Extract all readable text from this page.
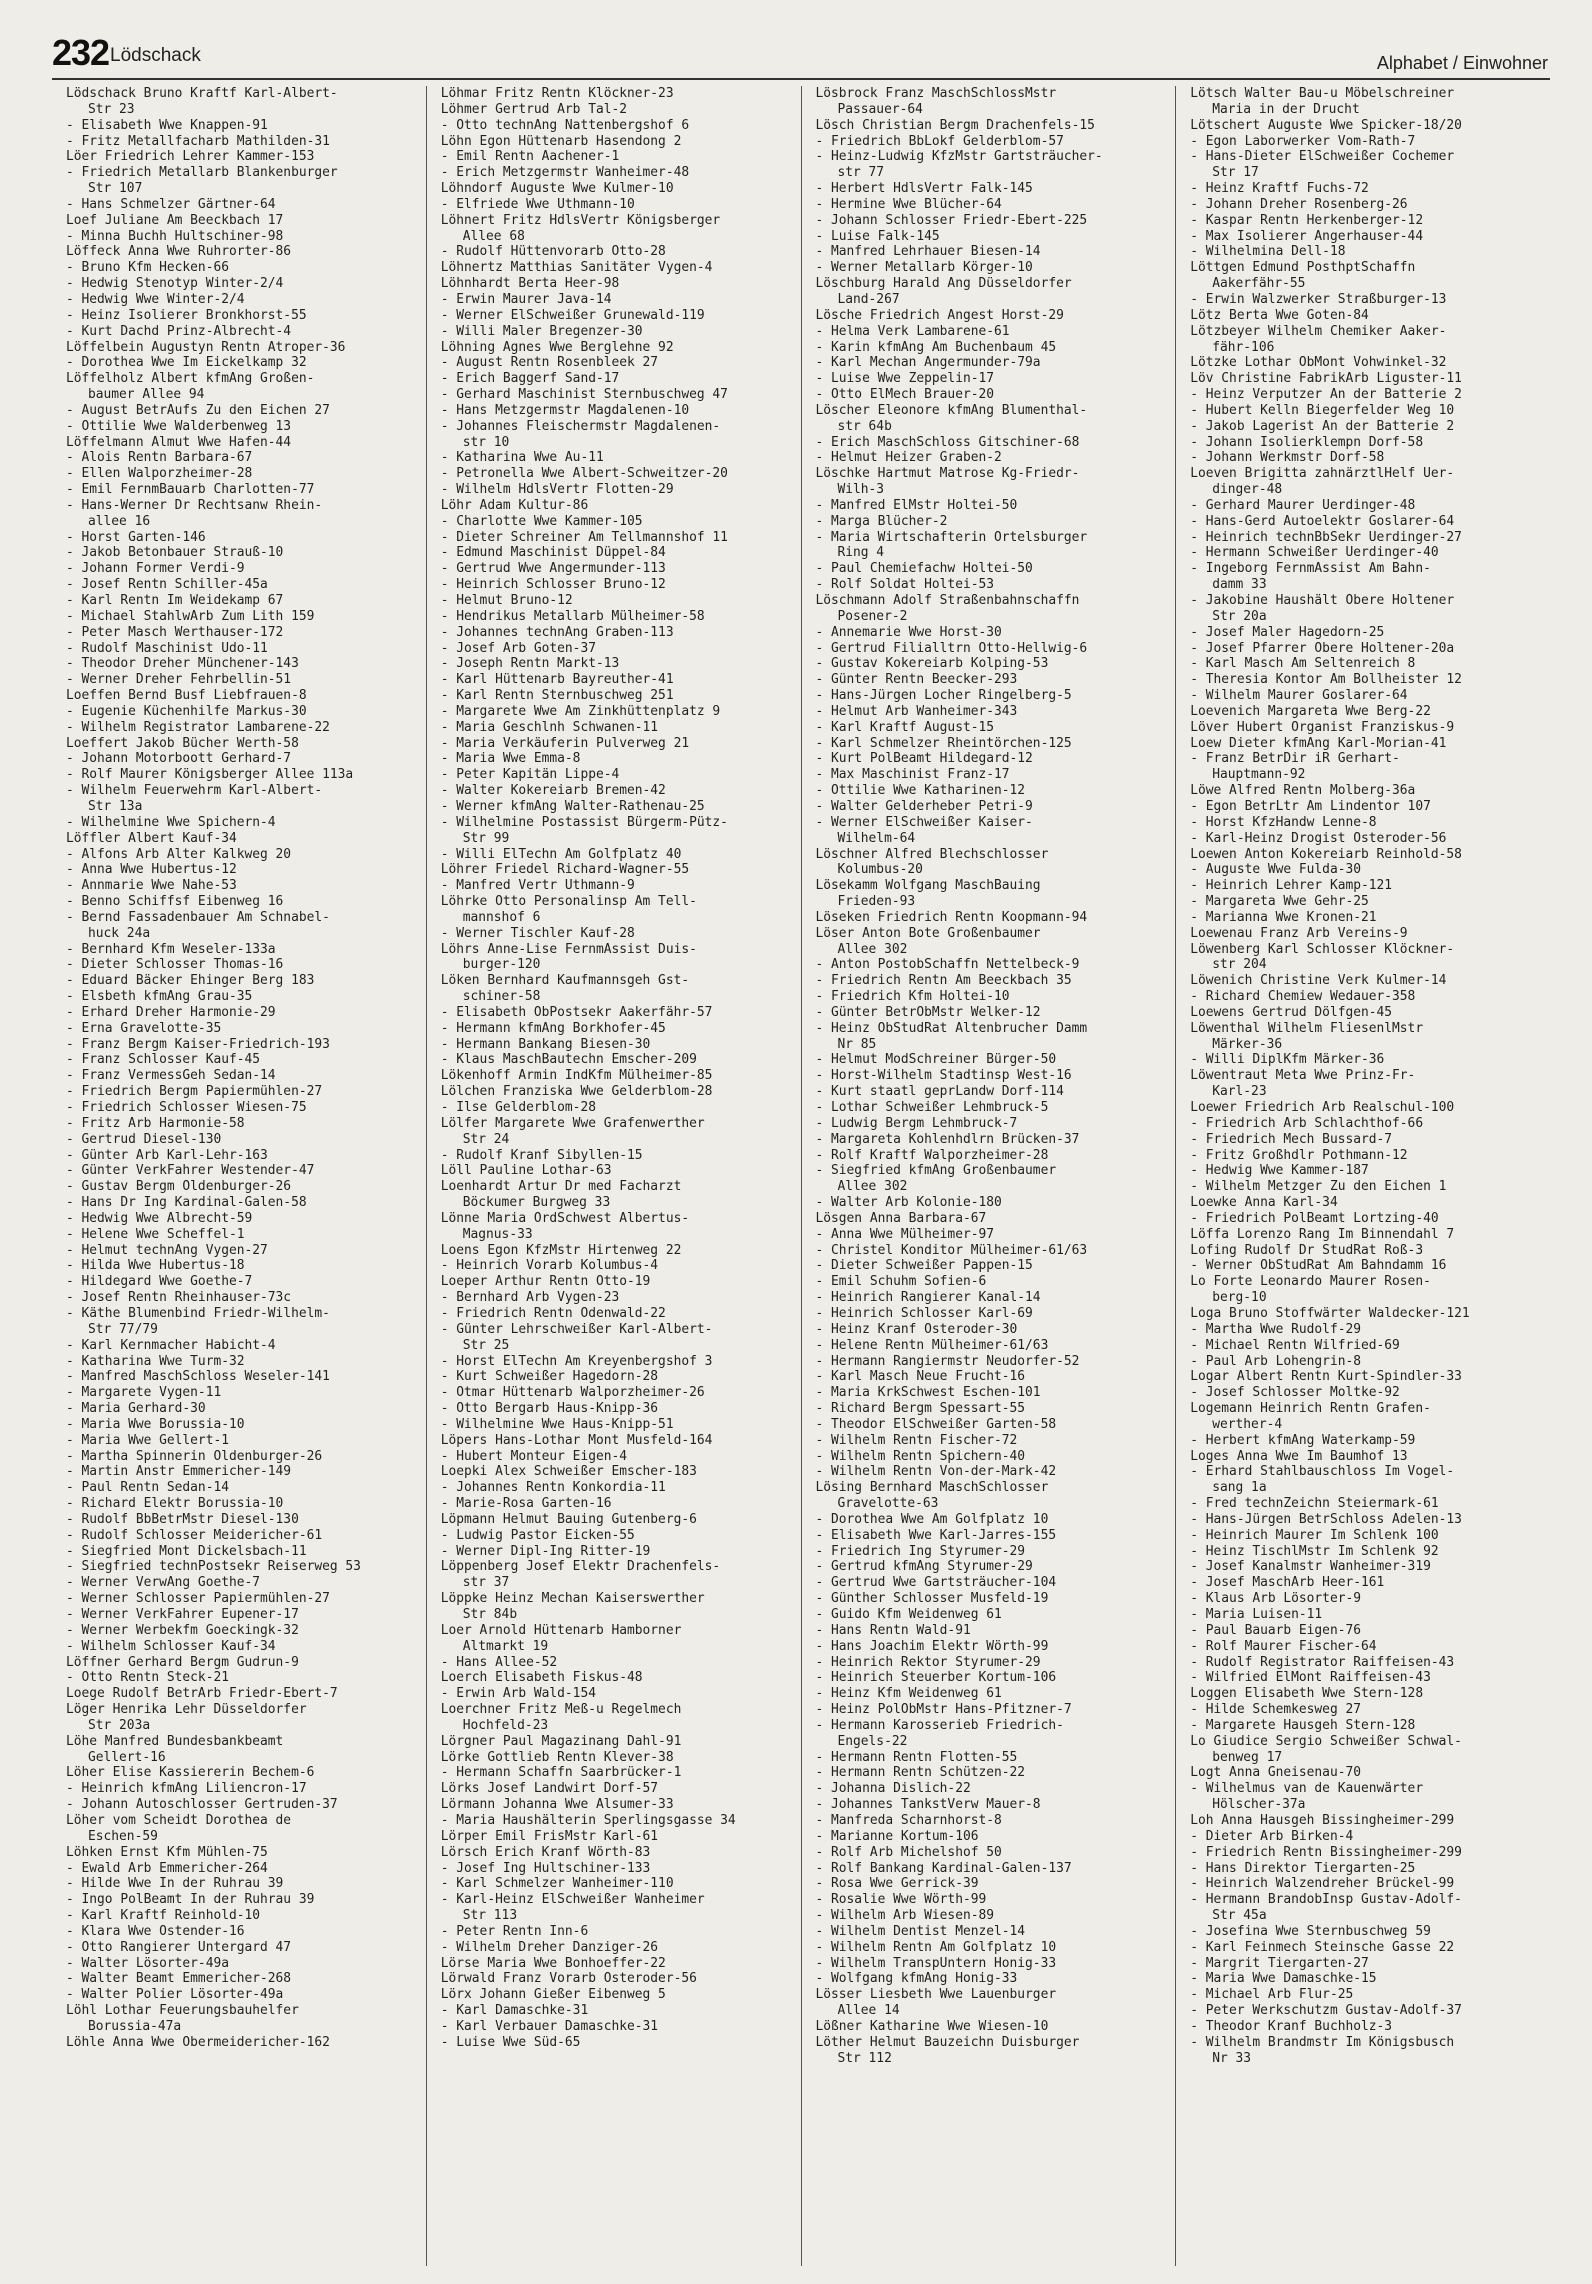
232 Lödschack	Alphabet / Einwohner
Lödschack Bruno Kraftf Karl-Albert-
Str 23
- Elisabeth Wwe Knappen-91
- Fritz Metallfacharb Mathilden-31
Löer Friedrich Lehrer Kammer-153
- Friedrich Metallarb Blankenburger
Str 107
- Hans Schmelzer Gärtner-64
Loef Juliane Am Beeckbach 17
- Minna Buchh Hultschiner-98
Löffeck Anna Wwe Ruhrorter-86
- Bruno Kfm Hecken-66
- Hedwig Stenotyp Winter-2/4
- Hedwig Wwe Winter-2/4
- Heinz Isolierer Bronkhorst-55
- Kurt Dachd Prinz-Albrecht-4
Löffelbein Augustyn Rentn Atroper-36
- Dorothea Wwe Im Eickelkamp 32
Löffelholz Albert kfmAng Großen-
baumer Allee 94
- August BetrAufs Zu den Eichen 27
- Ottilie Wwe Walderbenweg 13
Löffelmann Almut Wwe Hafen-44
- Alois Rentn Barbara-67
- Ellen Walporzheimer-28
- Emil FernmBauarb Charlotten-77
- Hans-Werner Dr Rechtsanw Rhein-
allee 16
- Horst Garten-146
- Jakob Betonbauer Strauß-10
- Johann Former Verdi-9
- Josef Rentn Schiller-45a
- Karl Rentn Im Weidekamp 67
- Michael StahlwArb Zum Lith 159
- Peter Masch Werthauser-172
- Rudolf Maschinist Udo-11
- Theodor Dreher Münchener-143
- Werner Dreher Fehrbellin-51
Loeffen Bernd Busf Liebfrauen-8
- Eugenie Küchenhilfe Markus-30
- Wilhelm Registrator Lambarene-22
Loeffert Jakob Bücher Werth-58
- Johann Motorboott Gerhard-7
- Rolf Maurer Königsberger Allee 113a
- Wilhelm Feuerwehrm Karl-Albert-
Str 13a
- Wilhelmine Wwe Spichern-4
Löffler Albert Kauf-34
- Alfons Arb Alter Kalkweg 20
- Anna Wwe Hubertus-12
- Annmarie Wwe Nahe-53
- Benno Schiffsf Eibenweg 16
- Bernd Fassadenbauer Am Schnabel-
huck 24a
- Bernhard Kfm Weseler-133a
- Dieter Schlosser Thomas-16
- Eduard Bäcker Ehinger Berg 183
- Elsbeth kfmAng Grau-35
- Erhard Dreher Harmonie-29
- Erna Gravelotte-35
- Franz Bergm Kaiser-Friedrich-193
- Franz Schlosser Kauf-45
- Franz VermessGeh Sedan-14
- Friedrich Bergm Papiermühlen-27
- Friedrich Schlosser Wiesen-75
- Fritz Arb Harmonie-58
- Gertrud Diesel-130
- Günter Arb Karl-Lehr-163
- Günter VerkFahrer Westender-47
- Gustav Bergm Oldenburger-26
- Hans Dr Ing Kardinal-Galen-58
- Hedwig Wwe Albrecht-59
- Helene Wwe Scheffel-1
- Helmut technAng Vygen-27
- Hilda Wwe Hubertus-18
- Hildegard Wwe Goethe-7
- Josef Rentn Rheinhauser-73c
- Käthe Blumenbind Friedr-Wilhelm-
Str 77/79
- Karl Kernmacher Habicht-4
- Katharina Wwe Turm-32
- Manfred MaschSchloss Weseler-141
- Margarete Vygen-11
- Maria Gerhard-30
- Maria Wwe Borussia-10
- Maria Wwe Gellert-1
- Martha Spinnerin Oldenburger-26
- Martin Anstr Emmericher-149
- Paul Rentn Sedan-14
- Richard Elektr Borussia-10
- Rudolf BbBetrMstr Diesel-130
- Rudolf Schlosser Meidericher-61
- Siegfried Mont Dickelsbach-11
- Siegfried technPostsekr Reiserweg 53
- Werner VerwAng Goethe-7
- Werner Schlosser Papiermühlen-27
- Werner VerkFahrer Eupener-17
- Werner Werbekfm Goeckingk-32
- Wilhelm Schlosser Kauf-34
Löffner Gerhard Bergm Gudrun-9
- Otto Rentn Steck-21
Loege Rudolf BetrArb Friedr-Ebert-7
Löger Henrika Lehr Düsseldorfer
Str 203a
Löhe Manfred Bundesbankbeamt
Gellert-16
Löher Elise Kassiererin Bechem-6
- Heinrich kfmAng Liliencron-17
- Johann Autoschlosser Gertruden-37
Löher vom Scheidt Dorothea de
Eschen-59
Löhken Ernst Kfm Mühlen-75
- Ewald Arb Emmericher-264
- Hilde Wwe In der Ruhrau 39
- Ingo PolBeamt In der Ruhrau 39
- Karl Kraftf Reinhold-10
- Klara Wwe Ostender-16
- Otto Rangierer Untergard 47
- Walter Lösorter-49a
- Walter Beamt Emmericher-268
- Walter Polier Lösorter-49a
Löhl Lothar Feuerungsbauhelfer
Borussia-47a
Löhle Anna Wwe Obermeidericher-162
Löhmar Fritz Rentn Klöckner-23
Löhmer Gertrud Arb Tal-2
- Otto technAng Nattenbergshof 6
Löhn Egon Hüttenarb Hasendong 2
- Emil Rentn Aachener-1
- Erich Metzgermstr Wanheimer-48
Löhndorf Auguste Wwe Kulmer-10
- Elfriede Wwe Uthmann-10
Löhnert Fritz HdlsVertr Königsberger
Allee 68
- Rudolf Hüttenvorarb Otto-28
Löhnertz Matthias Sanitäter Vygen-4
Löhnhardt Berta Heer-98
- Erwin Maurer Java-14
- Werner ElSchweißer Grunewald-119
- Willi Maler Bregenzer-30
Löhning Agnes Wwe Berglehne 92
- August Rentn Rosenbleek 27
- Erich Baggerf Sand-17
- Gerhard Maschinist Sternbuschweg 47
- Hans Metzgermstr Magdalenen-10
- Johannes Fleischermstr Magdalenen-
str 10
- Katharina Wwe Au-11
- Petronella Wwe Albert-Schweitzer-20
- Wilhelm HdlsVertr Flotten-29
Löhr Adam Kultur-86
- Charlotte Wwe Kammer-105
- Dieter Schreiner Am Tellmannshof 11
- Edmund Maschinist Düppel-84
- Gertrud Wwe Angermunder-113
- Heinrich Schlosser Bruno-12
- Helmut Bruno-12
- Hendrikus Metallarb Mülheimer-58
- Johannes technAng Graben-113
- Josef Arb Goten-37
- Joseph Rentn Markt-13
- Karl Hüttenarb Bayreuther-41
- Karl Rentn Sternbuschweg 251
- Margarete Wwe Am Zinkhüttenplatz 9
- Maria Geschlnh Schwanen-11
- Maria Verkäuferin Pulverweg 21
- Maria Wwe Emma-8
- Peter Kapitän Lippe-4
- Walter Kokereiarb Bremen-42
- Werner kfmAng Walter-Rathenau-25
- Wilhelmine Postassist Bürgerm-Pütz-
Str 99
- Willi ElTechn Am Golfplatz 40
Löhrer Friedel Richard-Wagner-55
- Manfred Vertr Uthmann-9
Löhrke Otto Personalinsp Am Tell-
mannshof 6
- Werner Tischler Kauf-28
Löhrs Anne-Lise FernmAssist Duis-
burger-120
Löken Bernhard Kaufmannsgeh Gst-
schiner-58
- Elisabeth ObPostsekr Aakerfähr-57
- Hermann kfmAng Borkhofer-45
- Hermann Bankang Biesen-30
- Klaus MaschBautechn Emscher-209
Lökenhoff Armin IndKfm Mülheimer-85
Lölchen Franziska Wwe Gelderblom-28
- Ilse Gelderblom-28
Lölfer Margarete Wwe Grafenwerther
Str 24
- Rudolf Kranf Sibyllen-15
Löll Pauline Lothar-63
Loenhardt Artur Dr med Facharzt
Böckumer Burgweg 33
Lönne Maria OrdSchwest Albertus-
Magnus-33
Loens Egon KfzMstr Hirtenweg 22
- Heinrich Vorarb Kolumbus-4
Loeper Arthur Rentn Otto-19
- Bernhard Arb Vygen-23
- Friedrich Rentn Odenwald-22
- Günter Lehrschweißer Karl-Albert-
Str 25
- Horst ElTechn Am Kreyenbergshof 3
- Kurt Schweißer Hagedorn-28
- Otmar Hüttenarb Walporzheimer-26
- Otto Bergarb Haus-Knipp-36
- Wilhelmine Wwe Haus-Knipp-51
Löpers Hans-Lothar Mont Musfeld-164
- Hubert Monteur Eigen-4
Loepki Alex Schweißer Emscher-183
- Johannes Rentn Konkordia-11
- Marie-Rosa Garten-16
Löpmann Helmut Bauing Gutenberg-6
- Ludwig Pastor Eicken-55
- Werner Dipl-Ing Ritter-19
Löppenberg Josef Elektr Drachenfels-
str 37
Löppke Heinz Mechan Kaiserswerther
Str 84b
Loer Arnold Hüttenarb Hamborner
Altmarkt 19
- Hans Allee-52
Loerch Elisabeth Fiskus-48
- Erwin Arb Wald-154
Loerchner Fritz Meß-u Regelmech
Hochfeld-23
Lörgner Paul Magazinang Dahl-91
Lörke Gottlieb Rentn Klever-38
- Hermann Schaffn Saarbrücker-1
Lörks Josef Landwirt Dorf-57
Lörmann Johanna Wwe Alsumer-33
- Maria Haushälterin Sperlingsgasse 34
Lörper Emil FrisMstr Karl-61
Lörsch Erich Kranf Wörth-83
- Josef Ing Hultschiner-133
- Karl Schmelzer Wanheimer-110
- Karl-Heinz ElSchweißer Wanheimer
Str 113
- Peter Rentn Inn-6
- Wilhelm Dreher Danziger-26
Lörse Maria Wwe Bonhoeffer-22
Lörwald Franz Vorarb Osteroder-56
Lörx Johann Gießer Eibenweg 5
- Karl Damaschke-31
- Karl Verbauer Damaschke-31
- Luise Wwe Süd-65
Lösbrock Franz MaschSchlossMstr
Passauer-64
Lösch Christian Bergm Drachenfels-15
- Friedrich BbLokf Gelderblom-57
- Heinz-Ludwig KfzMstr Gartsträucher-
str 77
- Herbert HdlsVertr Falk-145
- Hermine Wwe Blücher-64
- Johann Schlosser Friedr-Ebert-225
- Luise Falk-145
- Manfred Lehrhauer Biesen-14
- Werner Metallarb Körger-10
Löschburg Harald Ang Düsseldorfer
Land-267
Lösche Friedrich Angest Horst-29
- Helma Verk Lambarene-61
- Karin kfmAng Am Buchenbaum 45
- Karl Mechan Angermunder-79a
- Luise Wwe Zeppelin-17
- Otto ElMech Brauer-20
Löscher Eleonore kfmAng Blumenthal-
str 64b
- Erich MaschSchloss Gitschiner-68
- Helmut Heizer Graben-2
Löschke Hartmut Matrose Kg-Friedr-
Wilh-3
- Manfred ElMstr Holtei-50
- Marga Blücher-2
- Maria Wirtschafterin Ortelsburger
Ring 4
- Paul Chemiefachw Holtei-50
- Rolf Soldat Holtei-53
Löschmann Adolf Straßenbahnschaffn
Posener-2
- Annemarie Wwe Horst-30
- Gertrud Filialltrn Otto-Hellwig-6
- Gustav Kokereiarb Kolping-53
- Günter Rentn Beecker-293
- Hans-Jürgen Locher Ringelberg-5
- Helmut Arb Wanheimer-343
- Karl Kraftf August-15
- Karl Schmelzer Rheintörchen-125
- Kurt PolBeamt Hildegard-12
- Max Maschinist Franz-17
- Ottilie Wwe Katharinen-12
- Walter Gelderheber Petri-9
- Werner ElSchweißer Kaiser-
Wilhelm-64
Löschner Alfred Blechschlosser
Kolumbus-20
Lösekamm Wolfgang MaschBauing
Frieden-93
Löseken Friedrich Rentn Koopmann-94
Löser Anton Bote Großenbaumer
Allee 302
- Anton PostobSchaffn Nettelbeck-9
- Friedrich Rentn Am Beeckbach 35
- Friedrich Kfm Holtei-10
- Günter BetrObMstr Welker-12
- Heinz ObStudRat Altenbrucher Damm
Nr 85
- Helmut ModSchreiner Bürger-50
- Horst-Wilhelm Stadtinsp West-16
- Kurt staatl geprLandw Dorf-114
- Lothar Schweißer Lehmbruck-5
- Ludwig Bergm Lehmbruck-7
- Margareta Kohlenhdlrn Brücken-37
- Rolf Kraftf Walporzheimer-28
- Siegfried kfmAng Großenbaumer
Allee 302
- Walter Arb Kolonie-180
Lösgen Anna Barbara-67
- Anna Wwe Mülheimer-97
- Christel Konditor Mülheimer-61/63
- Dieter Schweißer Pappen-15
- Emil Schuhm Sofien-6
- Heinrich Rangierer Kanal-14
- Heinrich Schlosser Karl-69
- Heinz Kranf Osteroder-30
- Helene Rentn Mülheimer-61/63
- Hermann Rangiermstr Neudorfer-52
- Karl Masch Neue Frucht-16
- Maria KrkSchwest Eschen-101
- Richard Bergm Spessart-55
- Theodor ElSchweißer Garten-58
- Wilhelm Rentn Fischer-72
- Wilhelm Rentn Spichern-40
- Wilhelm Rentn Von-der-Mark-42
Lösing Bernhard MaschSchlosser
Gravelotte-63
- Dorothea Wwe Am Golfplatz 10
- Elisabeth Wwe Karl-Jarres-155
- Friedrich Ing Styrumer-29
- Gertrud kfmAng Styrumer-29
- Gertrud Wwe Gartsträucher-104
- Günther Schlosser Musfeld-19
- Guido Kfm Weidenweg 61
- Hans Rentn Wald-91
- Hans Joachim Elektr Wörth-99
- Heinrich Rektor Styrumer-29
- Heinrich Steuerber Kortum-106
- Heinz Kfm Weidenweg 61
- Heinz PolObMstr Hans-Pfitzner-7
- Hermann Karosserieb Friedrich-
Engels-22
- Hermann Rentn Flotten-55
- Hermann Rentn Schützen-22
- Johanna Dislich-22
- Johannes TankstVerw Mauer-8
- Manfreda Scharnhorst-8
- Marianne Kortum-106
- Rolf Arb Michelshof 50
- Rolf Bankang Kardinal-Galen-137
- Rosa Wwe Gerrick-39
- Rosalie Wwe Wörth-99
- Wilhelm Arb Wiesen-89
- Wilhelm Dentist Menzel-14
- Wilhelm Rentn Am Golfplatz 10
- Wilhelm TranspUntern Honig-33
- Wolfgang kfmAng Honig-33
Lösser Liesbeth Wwe Lauenburger
Allee 14
Lößner Katharine Wwe Wiesen-10
Löther Helmut Bauzeichn Duisburger
Str 112
Lötsch Walter Bau-u Möbelschreiner
Maria in der Drucht
Lötschert Auguste Wwe Spicker-18/20
- Egon Laborwerker Vom-Rath-7
- Hans-Dieter ElSchweißer Cochemer
Str 17
- Heinz Kraftf Fuchs-72
- Johann Dreher Rosenberg-26
- Kaspar Rentn Herkenberger-12
- Max Isolierer Angerhauser-44
- Wilhelmina Dell-18
Löttgen Edmund PosthptSchaffn
Aakerfähr-55
- Erwin Walzwerker Straßburger-13
Lötz Berta Wwe Goten-84
Lötzbeyer Wilhelm Chemiker Aaker-
fähr-106
Lötzke Lothar ObMont Vohwinkel-32
Löv Christine FabrikArb Liguster-11
- Heinz Verputzer An der Batterie 2
- Hubert Kelln Biegerfelder Weg 10
- Jakob Lagerist An der Batterie 2
- Johann Isolierklempn Dorf-58
- Johann Werkmstr Dorf-58
Loeven Brigitta zahnärztlHelf Uer-
dinger-48
- Gerhard Maurer Uerdinger-48
- Hans-Gerd Autoelektr Goslarer-64
- Heinrich technBbSekr Uerdinger-27
- Hermann Schweißer Uerdinger-40
- Ingeborg FernmAssist Am Bahn-
damm 33
- Jakobine Haushält Obere Holtener
Str 20a
- Josef Maler Hagedorn-25
- Josef Pfarrer Obere Holtener-20a
- Karl Masch Am Seltenreich 8
- Theresia Kontor Am Bollheister 12
- Wilhelm Maurer Goslarer-64
Loevenich Margareta Wwe Berg-22
Löver Hubert Organist Franziskus-9
Loew Dieter kfmAng Karl-Morian-41
- Franz BetrDir iR Gerhart-
Hauptmann-92
Löwe Alfred Rentn Molberg-36a
- Egon BetrLtr Am Lindentor 107
- Horst KfzHandw Lenne-8
- Karl-Heinz Drogist Osteroder-56
Loewen Anton Kokereiarb Reinhold-58
- Auguste Wwe Fulda-30
- Heinrich Lehrer Kamp-121
- Margareta Wwe Gehr-25
- Marianna Wwe Kronen-21
Loewenau Franz Arb Vereins-9
Löwenberg Karl Schlosser Klöckner-
str 204
Löwenich Christine Verk Kulmer-14
- Richard Chemiew Wedauer-358
Loewens Gertrud Dölfgen-45
Löwenthal Wilhelm FliesenlMstr
Märker-36
- Willi DiplKfm Märker-36
Löwentraut Meta Wwe Prinz-Fr-
Karl-23
Loewer Friedrich Arb Realschul-100
- Friedrich Arb Schlachthof-66
- Friedrich Mech Bussard-7
- Fritz Großhdlr Pothmann-12
- Hedwig Wwe Kammer-187
- Wilhelm Metzger Zu den Eichen 1
Loewke Anna Karl-34
- Friedrich PolBeamt Lortzing-40
Löffa Lorenzo Rang Im Binnendahl 7
Lofing Rudolf Dr StudRat Roß-3
- Werner ObStudRat Am Bahndamm 16
Lo Forte Leonardo Maurer Rosen-
berg-10
Loga Bruno Stoffwärter Waldecker-121
- Martha Wwe Rudolf-29
- Michael Rentn Wilfried-69
- Paul Arb Lohengrin-8
Logar Albert Rentn Kurt-Spindler-33
- Josef Schlosser Moltke-92
Logemann Heinrich Rentn Grafen-
werther-4
- Herbert kfmAng Waterkamp-59
Loges Anna Wwe Im Baumhof 13
- Erhard Stahlbauschloss Im Vogel-
sang 1a
- Fred technZeichn Steiermark-61
- Hans-Jürgen BetrSchloss Adelen-13
- Heinrich Maurer Im Schlenk 100
- Heinz TischlMstr Im Schlenk 92
- Josef Kanalmstr Wanheimer-319
- Josef MaschArb Heer-161
- Klaus Arb Lösorter-9
- Maria Luisen-11
- Paul Bauarb Eigen-76
- Rolf Maurer Fischer-64
- Rudolf Registrator Raiffeisen-43
- Wilfried ElMont Raiffeisen-43
Loggen Elisabeth Wwe Stern-128
- Hilde Schemkesweg 27
- Margarete Hausgeh Stern-128
Lo Giudice Sergio Schweißer Schwal-
benweg 17
Logt Anna Gneisenau-70
- Wilhelmus van de Kauenwärter
Hölscher-37a
Loh Anna Hausgeh Bissingheimer-299
- Dieter Arb Birken-4
- Friedrich Rentn Bissingheimer-299
- Hans Direktor Tiergarten-25
- Heinrich Walzendreher Brückel-99
- Hermann BrandobInsp Gustav-Adolf-
Str 45a
- Josefina Wwe Sternbuschweg 59
- Karl Feinmech Steinsche Gasse 22
- Margrit Tiergarten-27
- Maria Wwe Damaschke-15
- Michael Arb Flur-25
- Peter Werkschutzm Gustav-Adolf-37
- Theodor Kranf Buchholz-3
- Wilhelm Brandmstr Im Königsbusch
Nr 33
